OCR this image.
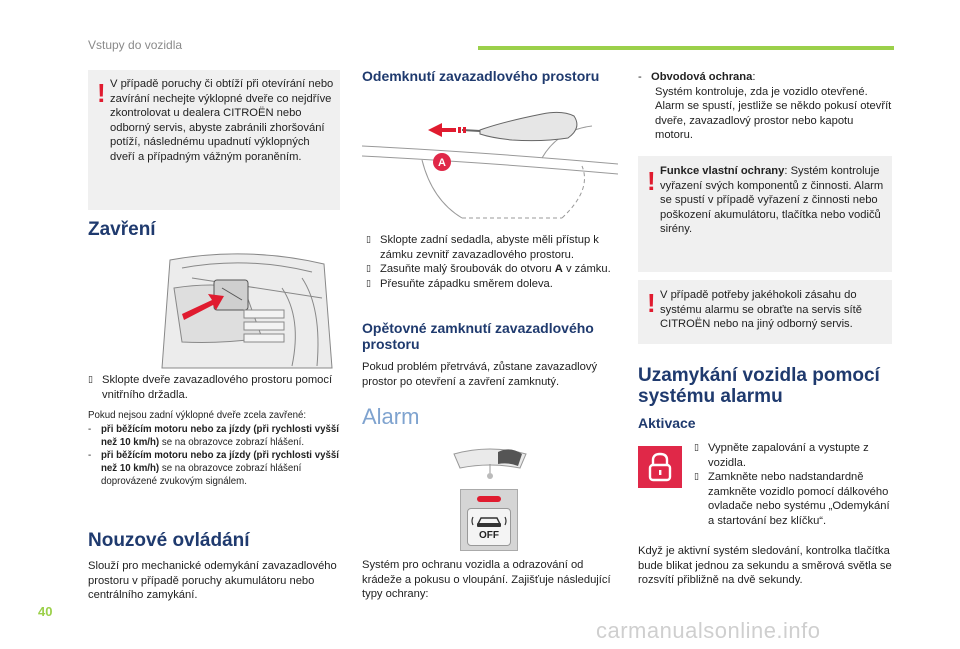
Vstupy do vozidla
! V případě poruchy či obtíží při otevírání nebo zavírání nechejte výklopné dveře co nejdříve zkontrolovat u dealera CITROËN nebo odborný servis, abyste zabránili zhoršování potíží, následnému upadnutí výklopných dveří a případným vážným poraněním.
Zavření
▯ Sklopte dveře zavazadlového prostoru pomocí vnitřního držadla.
Pokud nejsou zadní výklopné dveře zcela zavřené:
-	při běžícím motoru nebo za jízdy (při rychlosti vyšší než 10 km/h) se na obrazovce zobrazí hlášení.
-	při běžícím motoru nebo za jízdy (při rychlosti vyšší než 10 km/h) se na obrazovce zobrazí hlášení doprovázené zvukovým signálem.
Nouzové ovládání
Slouží pro mechanické odemykání zavazadlového prostoru v případě poruchy akumulátoru nebo centrálního zamykání.
Odemknutí zavazadlového prostoru
A
▯ Sklopte zadní sedadla, abyste měli přístup k zámku zevnitř zavazadlového prostoru.
▯ Zasuňte malý šroubovák do otvoru A v zámku.
▯ Přesuňte západku směrem doleva.
Opětovné zamknutí zavazadlového prostoru
Pokud problém přetrvává, zůstane zavazadlový prostor po otevření a zavření zamknutý.
Alarm
OFF
Systém pro ochranu vozidla a odrazování od krádeže a pokusu o vloupání. Zajišťuje následující typy ochrany:
- Obvodová ochrana:
Systém kontroluje, zda je vozidlo otevřené. Alarm se spustí, jestliže se někdo pokusí otevřít dveře, zavazadlový prostor nebo kapotu motoru.
! Funkce vlastní ochrany: Systém kontroluje vyřazení svých komponentů z činnosti. Alarm se spustí v případě vyřazení z činnosti nebo poškození akumulátoru, tlačítka nebo vodičů sirény.
! V případě potřeby jakéhokoli zásahu do systému alarmu se obraťte na servis sítě CITROËN nebo na jiný odborný servis.
Uzamykání vozidla pomocí systému alarmu
Aktivace
▯ Vypněte zapalování a vystupte z vozidla.
▯ Zamkněte nebo nadstandardně zamkněte vozidlo pomocí dálkového ovladače nebo systému „Odemykání a startování bez klíčku“.
Když je aktivní systém sledování, kontrolka tlačítka bude blikat jednou za sekundu a směrová světla se rozsvítí přibližně na dvě sekundy.
40
carmanualsonline.info
